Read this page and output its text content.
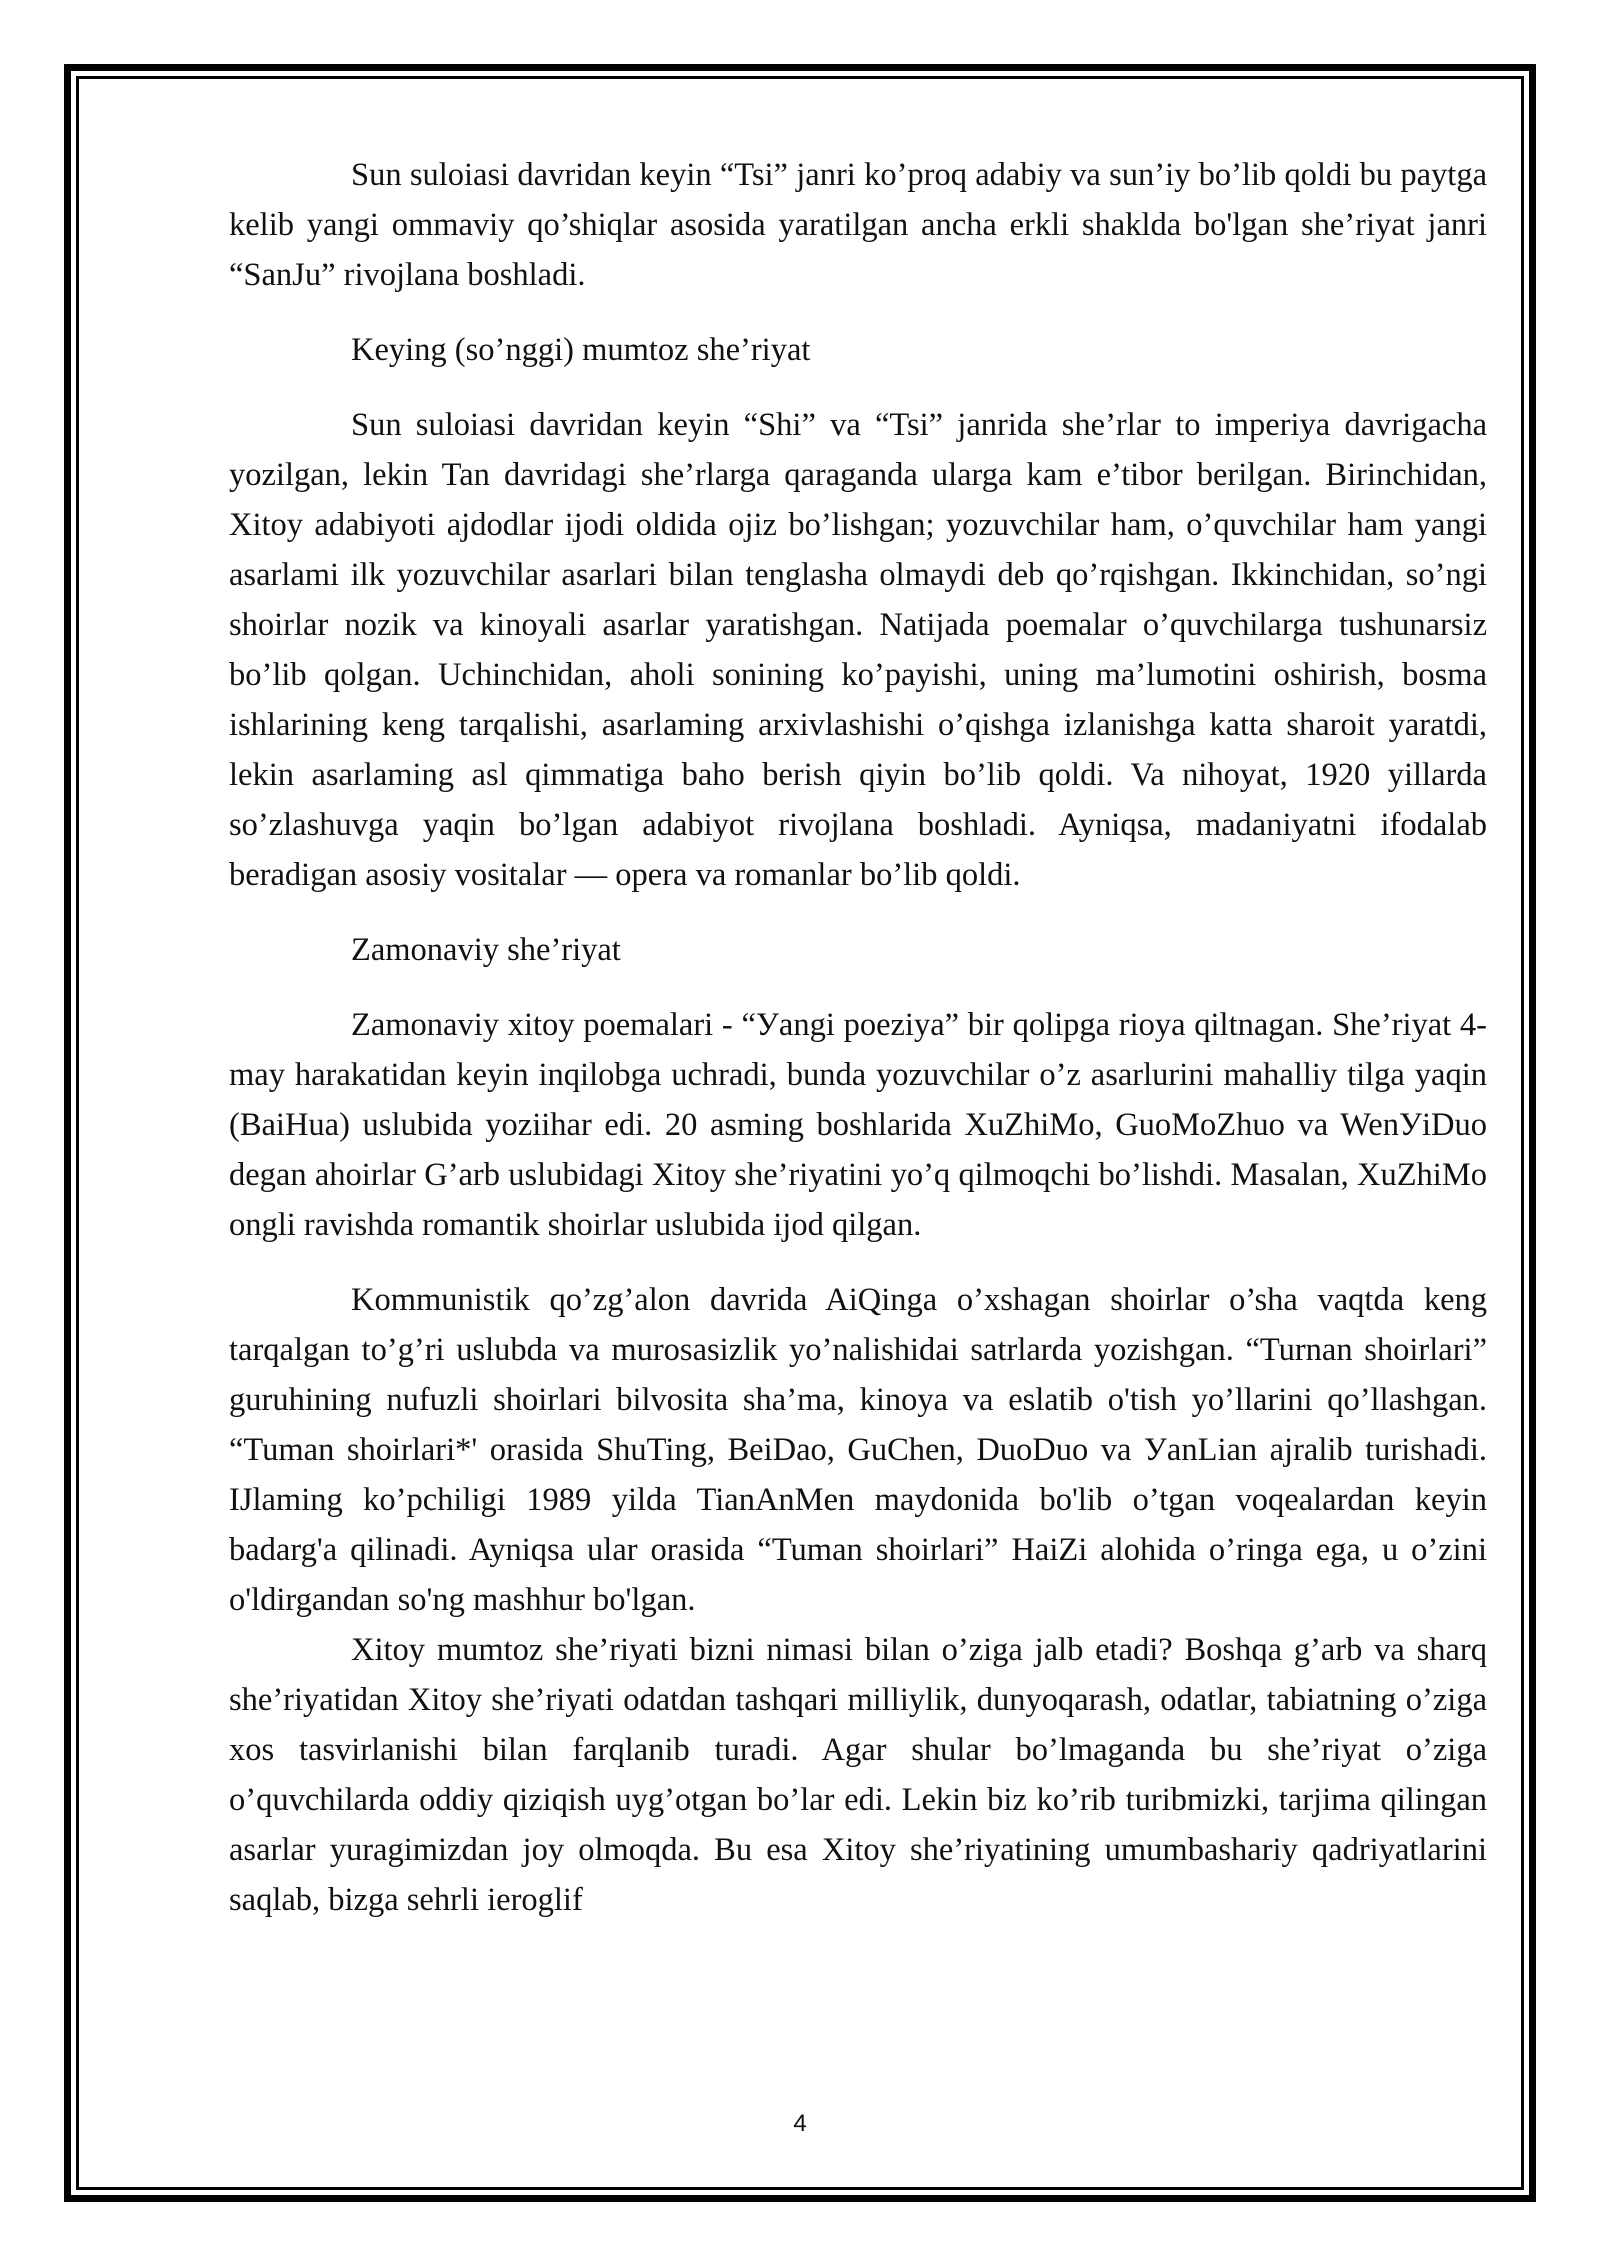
Sun suloiasi davridan keyin “Tsi” janri ko’proq adabiy va sun’iy bo’lib qoldi bu paytga kelib yangi ommaviy qo’shiqlar asosida yaratilgan ancha erkli shaklda bo'lgan she’riyat janri “SanJu” rivojlana boshladi.

Keying (so’nggi) mumtoz she’riyat

Sun suloiasi davridan keyin “Shi” va “Tsi” janrida she’rlar to imperiya davrigacha yozilgan, lekin Tan davridagi she’rlarga qaraganda ularga kam e’tibor berilgan. Birinchidan, Xitoy adabiyoti ajdodlar ijodi oldida ojiz bo’lishgan; yozuvchilar ham, o’quvchilar ham yangi asarlami ilk yozuvchilar asarlari bilan tenglasha olmaydi deb qo’rqishgan. Ikkinchidan, so’ngi shoirlar nozik va kinoyali asarlar yaratishgan. Natijada poemalar o’quvchilarga tushunarsiz bo’lib qolgan. Uchinchidan, aholi sonining ko’payishi, uning ma’lumotini oshirish, bosma ishlarining keng tarqalishi, asarlaming arxivlashishi o’qishga izlanishga katta sharoit yaratdi, lekin asarlaming asl qimmatiga baho berish qiyin bo’lib qoldi. Va nihoyat, 1920 yillarda so’zlashuvga yaqin bo’lgan adabiyot rivojlana boshladi. Ayniqsa, madaniyatni ifodalab beradigan asosiy vositalar — opera va romanlar bo’lib qoldi.

Zamonaviy she’riyat

Zamonaviy xitoy poemalari - “Уangi poeziya” bir qolipga rioya qiltnagan. She’riyat 4-may harakatidan keyin inqilobga uchradi, bunda yozuvchilar o’z asarlurini mahalliy tilga yaqin (BaiHua) uslubida yoziihar edi. 20 asming boshlarida XuZhiMo, GuoMoZhuo va WenУiDuo degan ahoirlar G’arb uslubidagi Xitoy she’riyatini yo’q qilmoqchi bo’lishdi. Masalan, XuZhiMo ongli ravishda romantik shoirlar uslubida ijod qilgan.

Kommunistik qo’zg’alon davrida AiQinga o’xshagan shoirlar o’sha vaqtda keng tarqalgan to’g’ri uslubda va murosasizlik yo’nalishidai satrlarda yozishgan. “Turnan shoirlari” guruhining nufuzli shoirlari bilvosita sha’ma, kinoya va eslatib o'tish yo’llarini qo’llashgan. “Tuman shoirlari*' orasida ShuTing, BeiDao, GuChen, DuoDuo va УanLian ajralib turishadi. IJlaming ko’pchiligi 1989 yilda TianAnMen maydonida bo'lib o’tgan voqealardan keyin badarg'a qilinadi. Ayniqsa ular orasida “Tuman shoirlari” HaiZi alohida o’ringa ega, u o’zini o'ldirgandan so'ng mashhur bo'lgan.

Xitoy mumtoz she’riyati bizni nimasi bilan o’ziga jalb etadi? Boshqa g’arb va sharq she’riyatidan Xitoy she’riyati odatdan tashqari milliylik, dunyoqarash, odatlar, tabiatning o’ziga xos tasvirlanishi bilan farqlanib turadi. Agar shular bo’lmaganda bu she’riyat o’ziga o’quvchilarda oddiy qiziqish uyg’otgan bo’lar edi. Lekin biz ko’rib turibmizki, tarjima qilingan asarlar yuragimizdan joy olmoqda. Bu esa Xitoy she’riyatining umumbashariy qadriyatlarini saqlab, bizga sehrli ieroglif

4
